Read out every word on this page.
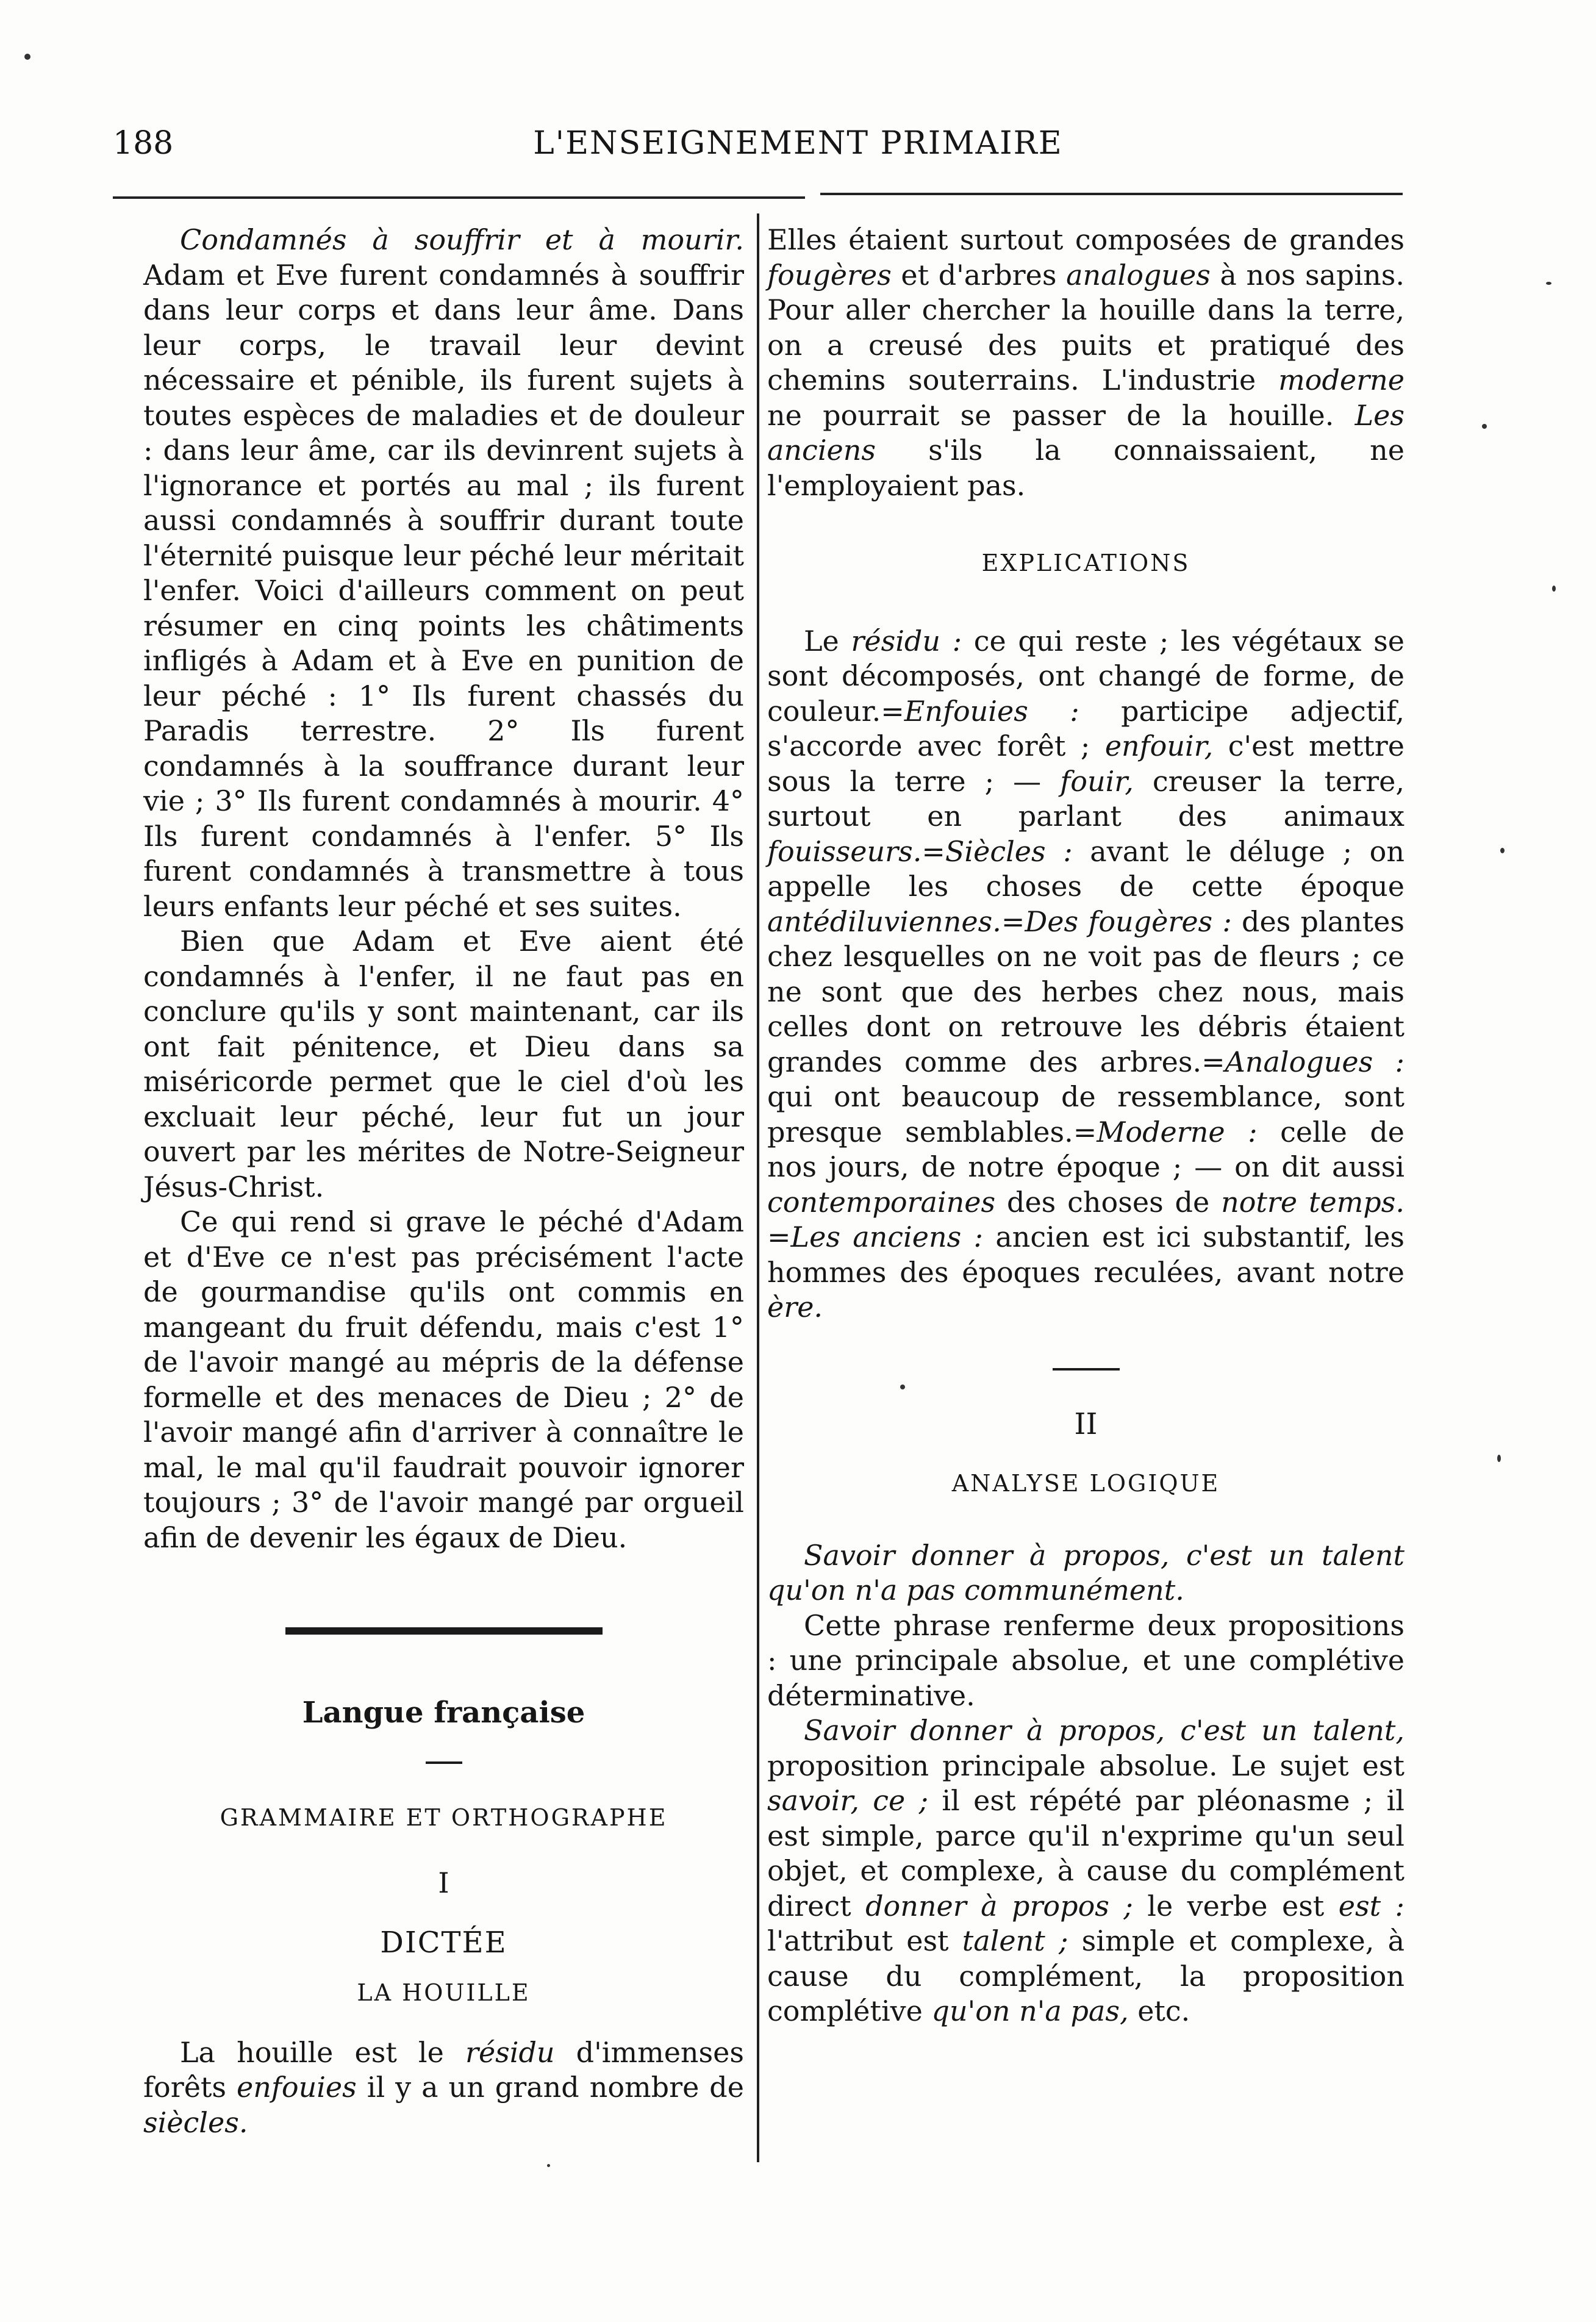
188	L'ENSEIGNEMENT PRIMAIRE

Condamnés à souffrir et à mourir. Adam et Eve furent condamnés à souffrir dans leur corps et dans leur âme. Dans leur corps, le travail leur devint nécessaire et pénible, ils furent sujets à toutes espèces de maladies et de douleur : dans leur âme, car ils devinrent sujets à l'ignorance et portés au mal ; ils furent aussi condamnés à souffrir durant toute l'éternité puisque leur péché leur méritait l'enfer. Voici d'ailleurs comment on peut résumer en cinq points les châtiments infligés à Adam et à Eve en punition de leur péché : 1° Ils furent chassés du Paradis terrestre. 2° Ils furent condamnés à la souffrance durant leur vie ; 3° Ils furent condamnés à mourir. 4° Ils furent condamnés à l'enfer. 5° Ils furent condamnés à transmettre à tous leurs enfants leur péché et ses suites.

Bien que Adam et Eve aient été condamnés à l'enfer, il ne faut pas en conclure qu'ils y sont maintenant, car ils ont fait pénitence, et Dieu dans sa miséricorde permet que le ciel d'où les excluait leur péché, leur fut un jour ouvert par les mérites de Notre-Seigneur Jésus-Christ.

Ce qui rend si grave le péché d'Adam et d'Eve ce n'est pas précisément l'acte de gourmandise qu'ils ont commis en mangeant du fruit défendu, mais c'est 1° de l'avoir mangé au mépris de la défense formelle et des menaces de Dieu ; 2° de l'avoir mangé afin d'arriver à connaître le mal, le mal qu'il faudrait pouvoir ignorer toujours ; 3° de l'avoir mangé par orgueil afin de devenir les égaux de Dieu.

Langue française

GRAMMAIRE ET ORTHOGRAPHE

I

DICTÉE

LA HOUILLE

La houille est le résidu d'immenses forêts enfouies il y a un grand nombre de siècles.

Elles étaient surtout composées de grandes fougères et d'arbres analogues à nos sapins. Pour aller chercher la houille dans la terre, on a creusé des puits et pratiqué des chemins souterrains. L'industrie moderne ne pourrait se passer de la houille. Les anciens s'ils la connaissaient, ne l'employaient pas.

EXPLICATIONS

Le résidu : ce qui reste ; les végétaux se sont décomposés, ont changé de forme, de couleur.=Enfouies : participe adjectif, s'accorde avec forêt ; enfouir, c'est mettre sous la terre ; — fouir, creuser la terre, surtout en parlant des animaux fouisseurs.=Siècles : avant le déluge ; on appelle les choses de cette époque antédiluviennes.=Des fougères : des plantes chez lesquelles on ne voit pas de fleurs ; ce ne sont que des herbes chez nous, mais celles dont on retrouve les débris étaient grandes comme des arbres.=Analogues : qui ont beaucoup de ressemblance, sont presque semblables.=Moderne : celle de nos jours, de notre époque ; — on dit aussi contemporaines des choses de notre temps. =Les anciens : ancien est ici substantif, les hommes des époques reculées, avant notre ère.

II

ANALYSE LOGIQUE

Savoir donner à propos, c'est un talent qu'on n'a pas communément.

Cette phrase renferme deux propositions : une principale absolue, et une complétive déterminative.

Savoir donner à propos, c'est un talent, proposition principale absolue. Le sujet est savoir, ce ; il est répété par pléonasme ; il est simple, parce qu'il n'exprime qu'un seul objet, et complexe, à cause du complément direct donner à propos ; le verbe est est : l'attribut est talent ; simple et complexe, à cause du complément, la proposition complétive qu'on n'a pas, etc.
